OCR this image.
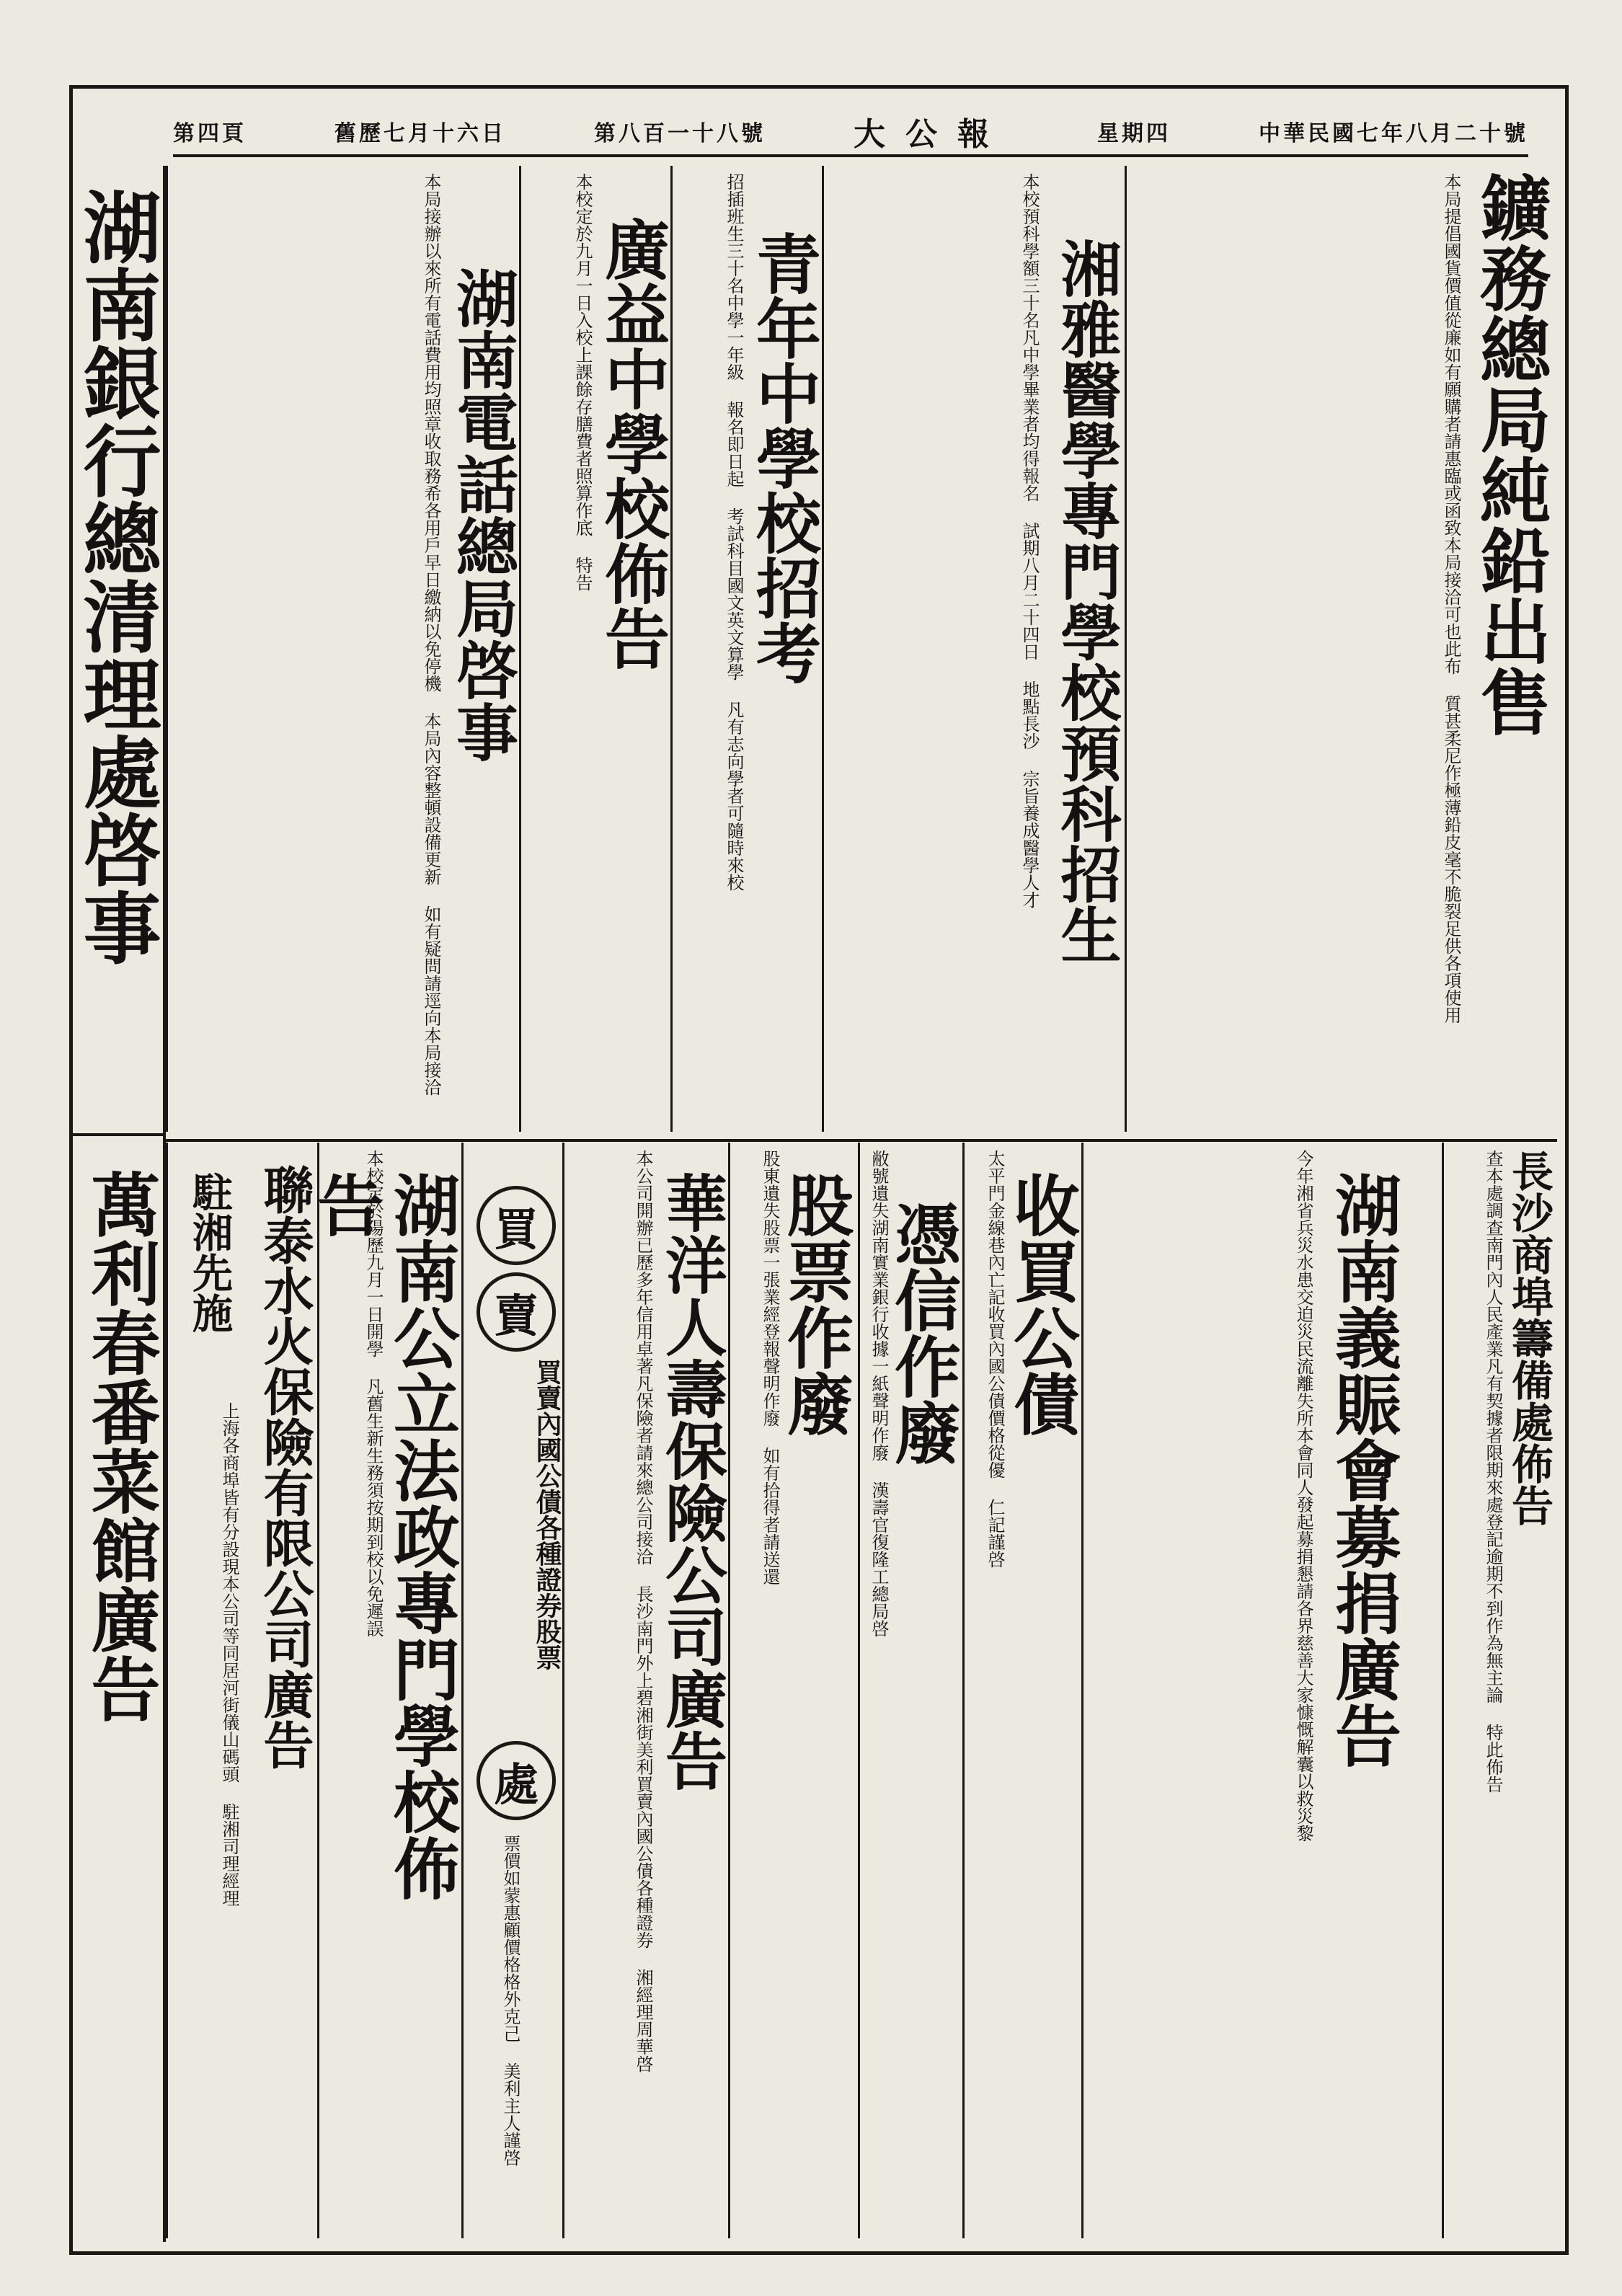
中華民國七年八月二十號
星期四
大公報
第八百一十八號
舊歷七月十六日
第四頁
鑛務總局純鉛出售
本局提倡國貨價值從廉如有願購者請惠臨或函致本局接洽可也此布 質甚柔尼作極薄鉛皮毫不脆裂足供各項使用
湘雅醫學專門學校預科招生
本校預科學額三十名凡中學畢業者均得報名 試期八月二十四日 地點長沙 宗旨養成醫學人才
青年中學校招考
招插班生三十名中學一年級 報名即日起 考試科目國文英文算學 凡有志向學者可隨時來校
廣益中學校佈告
本校定於九月一日入校上課餘存膳費者照算作底 特告
湖南電話總局啓事
本局接辦以來所有電話費用均照章收取務希各用戶早日繳納以免停機 本局內容整頓設備更新 如有疑問請逕向本局接洽
湖南銀行總清理處啓事
萬利春番菜館廣告	長沙商埠籌備處佈告
查本處調查南門內人民產業凡有契據者限期來處登記逾期不到作為無主論 特此佈告
湖南義賑會募捐廣告
今年湘省兵災水患交迫災民流離失所本會同人發起募捐懇請各界慈善大家慷慨解囊以救災黎
收買公債
太平門金線巷內亡記收買內國公債價格從優 仁記謹啓
憑信作廢
敝號遺失湖南實業銀行收據一紙聲明作廢 漢壽官復隆工總局啓
股票作廢
股東遺失股票一張業經登報聲明作廢 如有拾得者請送還
華洋人壽保險公司廣告
本公司開辦已歷多年信用卓著凡保險者請來總公司接洽 長沙南門外上碧湘街美利買賣內國公債各種證券 湘經理周華啓
買
賣
買賣內國公債各種證券股票
處
票價如蒙惠顧價格格外克己 美利主人謹啓
湖南公立法政專門學校佈告
本校定於陽歷九月一日開學 凡舊生新生務須按期到校以免遲誤
駐湘先施 聯泰水火保險有限公司廣告
上海各商埠皆有分設現本公司等同居河街儀山碼頭 駐湘司理經理
